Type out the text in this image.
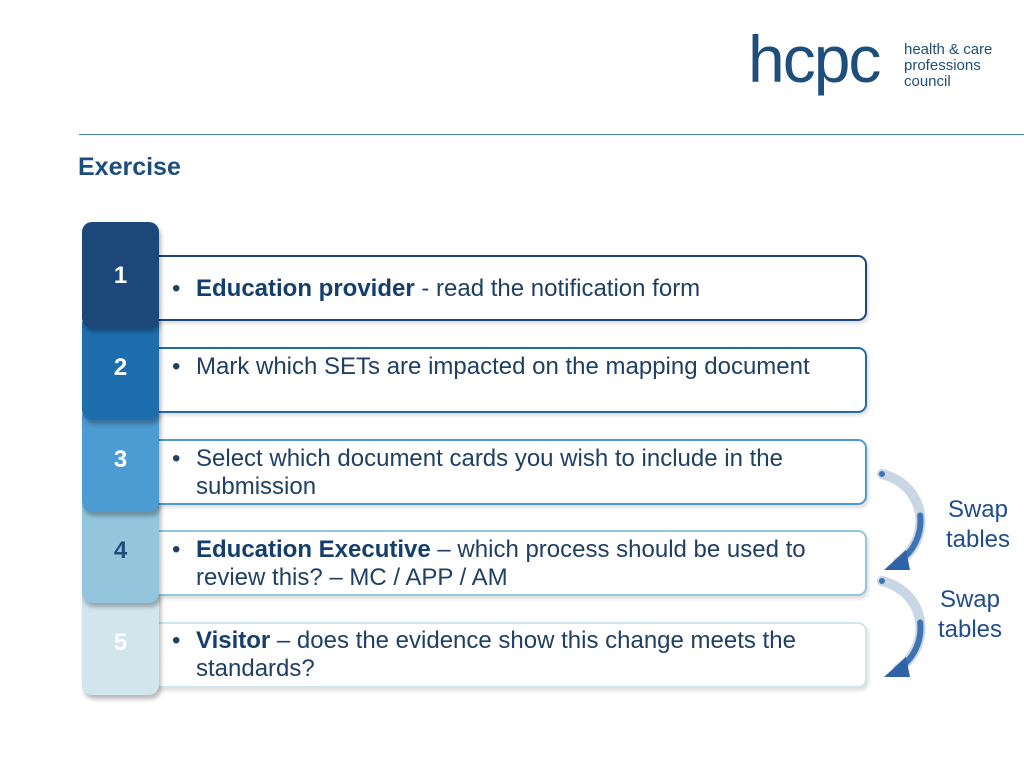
hcpc health & care
professions
council
Exercise
• Visitor – does the evidence show this change meets the standards?
5
• Education Executive – which process should be used to review this? – MC / APP / AM
4
• Select which document cards you wish to include in the submission
3
• Mark which SETs are impacted on the mapping document
2
• Education provider - read the notification form
1
Swap
tables
Swap
tables
